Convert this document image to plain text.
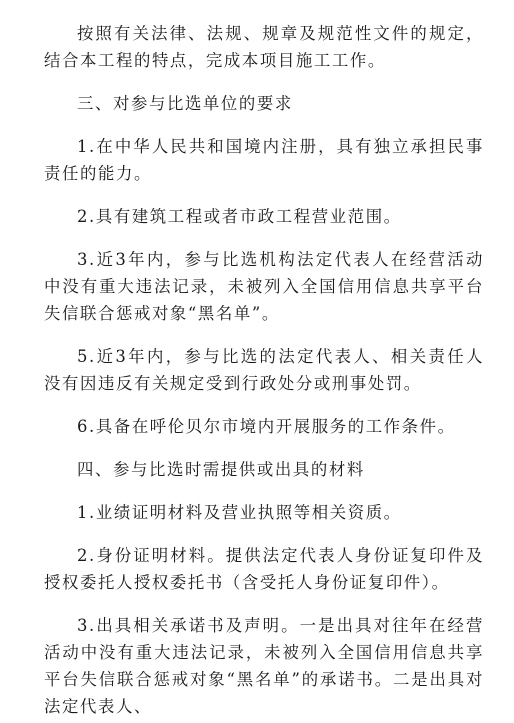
按照有关法律、法规、规章及规范性文件的规定，结合本工程的特点，完成本项目施工工作。

三、对参与比选单位的要求

1.在中华人民共和国境内注册，具有独立承担民事责任的能力。

2.具有建筑工程或者市政工程营业范围。

3.近3年内，参与比选机构法定代表人在经营活动中没有重大违法记录，未被列入全国信用信息共享平台失信联合惩戒对象“黑名单”。

5.近3年内，参与比选的法定代表人、相关责任人没有因违反有关规定受到行政处分或刑事处罚。

6.具备在呼伦贝尔市境内开展服务的工作条件。

四、参与比选时需提供或出具的材料

1.业绩证明材料及营业执照等相关资质。

2.身份证明材料。提供法定代表人身份证复印件及授权委托人授权委托书（含受托人身份证复印件）。

3.出具相关承诺书及声明。一是出具对往年在经营活动中没有重大违法记录，未被列入全国信用信息共享平台失信联合惩戒对象“黑名单”的承诺书。二是出具对法定代表人、
